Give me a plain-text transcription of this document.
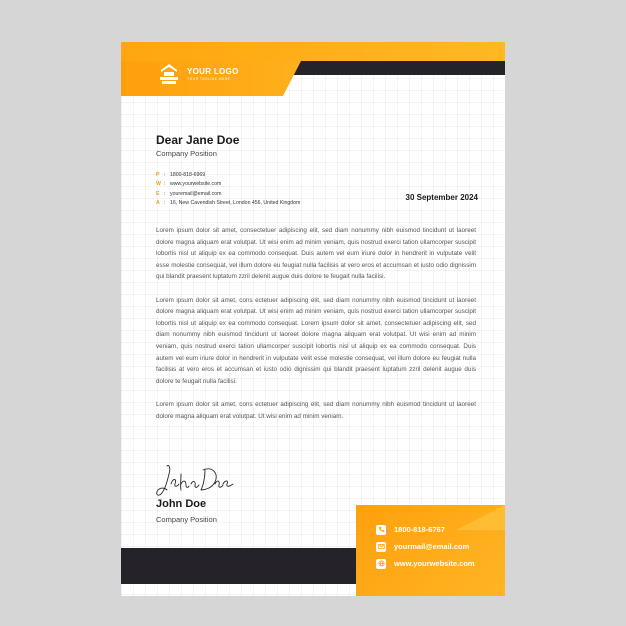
YOUR LOGO
YOUR TAGLINE HERE
Dear Jane Doe
Company Position
P : 1800-818-6969
W : www.yourwebsite.com
E : youremail@email.com
A : 16, New Cavendish Street, London 456, United Kingdom
30 September 2024

Lorem ipsum dolor sit amet, consectetuer adipiscing elit, sed diam nonummy nibh euismod tincidunt ut laoreet dolore magna aliquam erat volutpat. Ut wisi enim ad minim veniam, quis nostrud exerci tation ullamcorper suscipit lobortis nisl ut aliquip ex ea commodo consequat. Duis autem vel eum iriure dolor in hendrerit in vulputate velit esse molestie consequat, vel illum dolore eu feugiat nulla facilisis at vero eros et accumsan et iusto odio dignissim qui blandit praesent luptatum zzril delenit augue duis dolore te feugait nulla facilisi.

Lorem ipsum dolor sit amet, cons ectetuer adipiscing elit, sed diam nonummy nibh euismod tincidunt ut laoreet dolore magna aliquam erat volutpat. Ut wisi enim ad minim veniam, quis nostrud exerci tation ullamcorper suscipit lobortis nisl ut aliquip ex ea commodo consequat. Lorem ipsum dolor sit amet, consectetuer adipiscing elit, sed diam nonummy nibh euismod tincidunt ut laoreet dolore magna aliquam erat volutpat. Ut wisi enim ad minim veniam, quis nostrud exerci tation ullamcorper suscipit lobortis nisl ut aliquip ex ea commodo consequat. Duis autem vel eum iriure dolor in hendrerit in vulputate velit esse molestie consequat, vel illum dolore eu feugiat nulla facilisis at vero eros et accumsan et iusto odio dignissim qui blandit praesent luptatum zzril delenit augue duis dolore te feugait nulla facilisi.

Lorem ipsum dolor sit amet, cons ectetuer adipiscing elit, sed diam nonummy nibh euismod tincidunt ut laoreet dolore magna aliquam erat volutpat. Ut wisi enim ad minim veniam.

John Doe
Company Position
1800-818-6767
yourmail@email.com
www.yourwebsite.com
